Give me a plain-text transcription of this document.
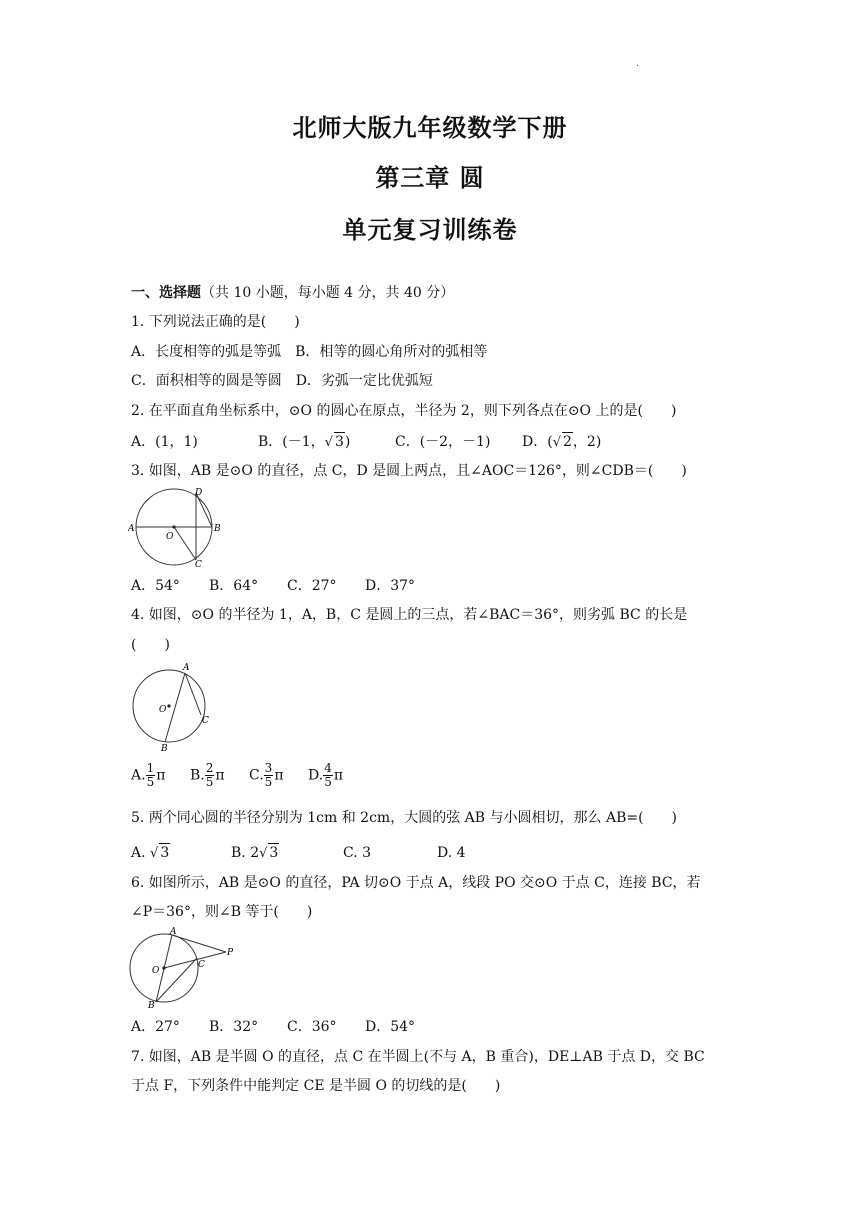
.
北师大版九年级数学下册
第三章 圆
单元复习训练卷
一、选择题（共 10 小题，每小题 4 分，共 40 分）
1. 下列说法正确的是(　　)
A．长度相等的弧是等弧　B．相等的圆心角所对的弧相等
C．面积相等的圆是等圆　D．劣弧一定比优弧短
2. 在平面直角坐标系中，⊙O 的圆心在原点，半径为 2，则下列各点在⊙O 上的是(　　)
A．(1，1)	B．(－1，√ 3)	C．(－2，－1) D．(√ 2，2)
3. 如图，AB 是⊙O 的直径，点 C，D 是圆上两点，且∠AOC＝126°，则∠CDB＝(　　)
A	B
C
D
O
A．54° B．64° C．27° D．37°
4. 如图，⊙O 的半径为 1，A，B，C 是圆上的三点，若∠BAC＝36°，则劣弧 BC 的长是
(　　)
A
B
C
O
A. $\frac{1}{5}$ π B. $\frac{2}{5}$ π C. $\frac{3}{5}$ π D. $\frac{4}{5}$ π
5. 两个同心圆的半径分别为 1cm 和 2cm，大圆的弦 AB 与小圆相切，那么 AB=(　　)
A. √ 3	B. 2√ 3	C. 3	D. 4
6. 如图所示，AB 是⊙O 的直径，PA 切⊙O 于点 A，线段 PO 交⊙O 于点 C，连接 BC，若
∠P＝36°，则∠B 等于(　　)
A
B
C
O
P
A．27° B．32° C．36° D．54°
7. 如图，AB 是半圆 O 的直径，点 C 在半圆上(不与 A，B 重合)，DE⊥AB 于点 D，交 BC
于点 F，下列条件中能判定 CE 是半圆 O 的切线的是(　　)
